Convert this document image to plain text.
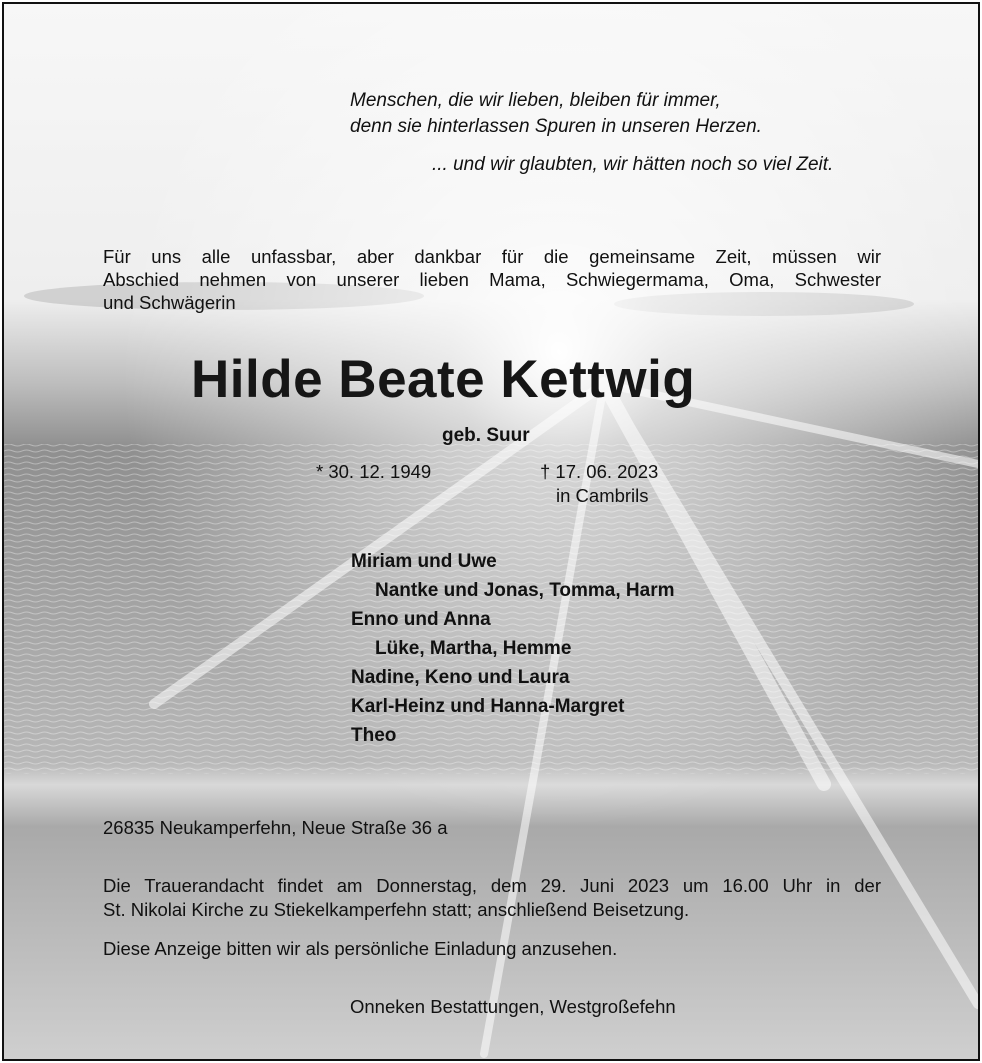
Menschen, die wir lieben, bleiben für immer,
denn sie hinterlassen Spuren in unseren Herzen.
... und wir glaubten, wir hätten noch so viel Zeit.
Für uns alle unfassbar, aber dankbar für die gemeinsame Zeit, müssen wir
Abschied nehmen von unserer lieben Mama, Schwiegermama, Oma, Schwester
und Schwägerin
Hilde Beate Kettwig
geb. Suur
* 30. 12. 1949	† 17. 06. 2023
in Cambrils
Miriam und Uwe
Nantke und Jonas, Tomma, Harm
Enno und Anna
Lüke, Martha, Hemme
Nadine, Keno und Laura
Karl-Heinz und Hanna-Margret
Theo
26835 Neukamperfehn, Neue Straße 36 a
Die Trauerandacht findet am Donnerstag, dem 29. Juni 2023 um 16.00 Uhr in der
St. Nikolai Kirche zu Stiekelkamperfehn statt; anschließend Beisetzung.
Diese Anzeige bitten wir als persönliche Einladung anzusehen.
Onneken Bestattungen, Westgroßefehn
